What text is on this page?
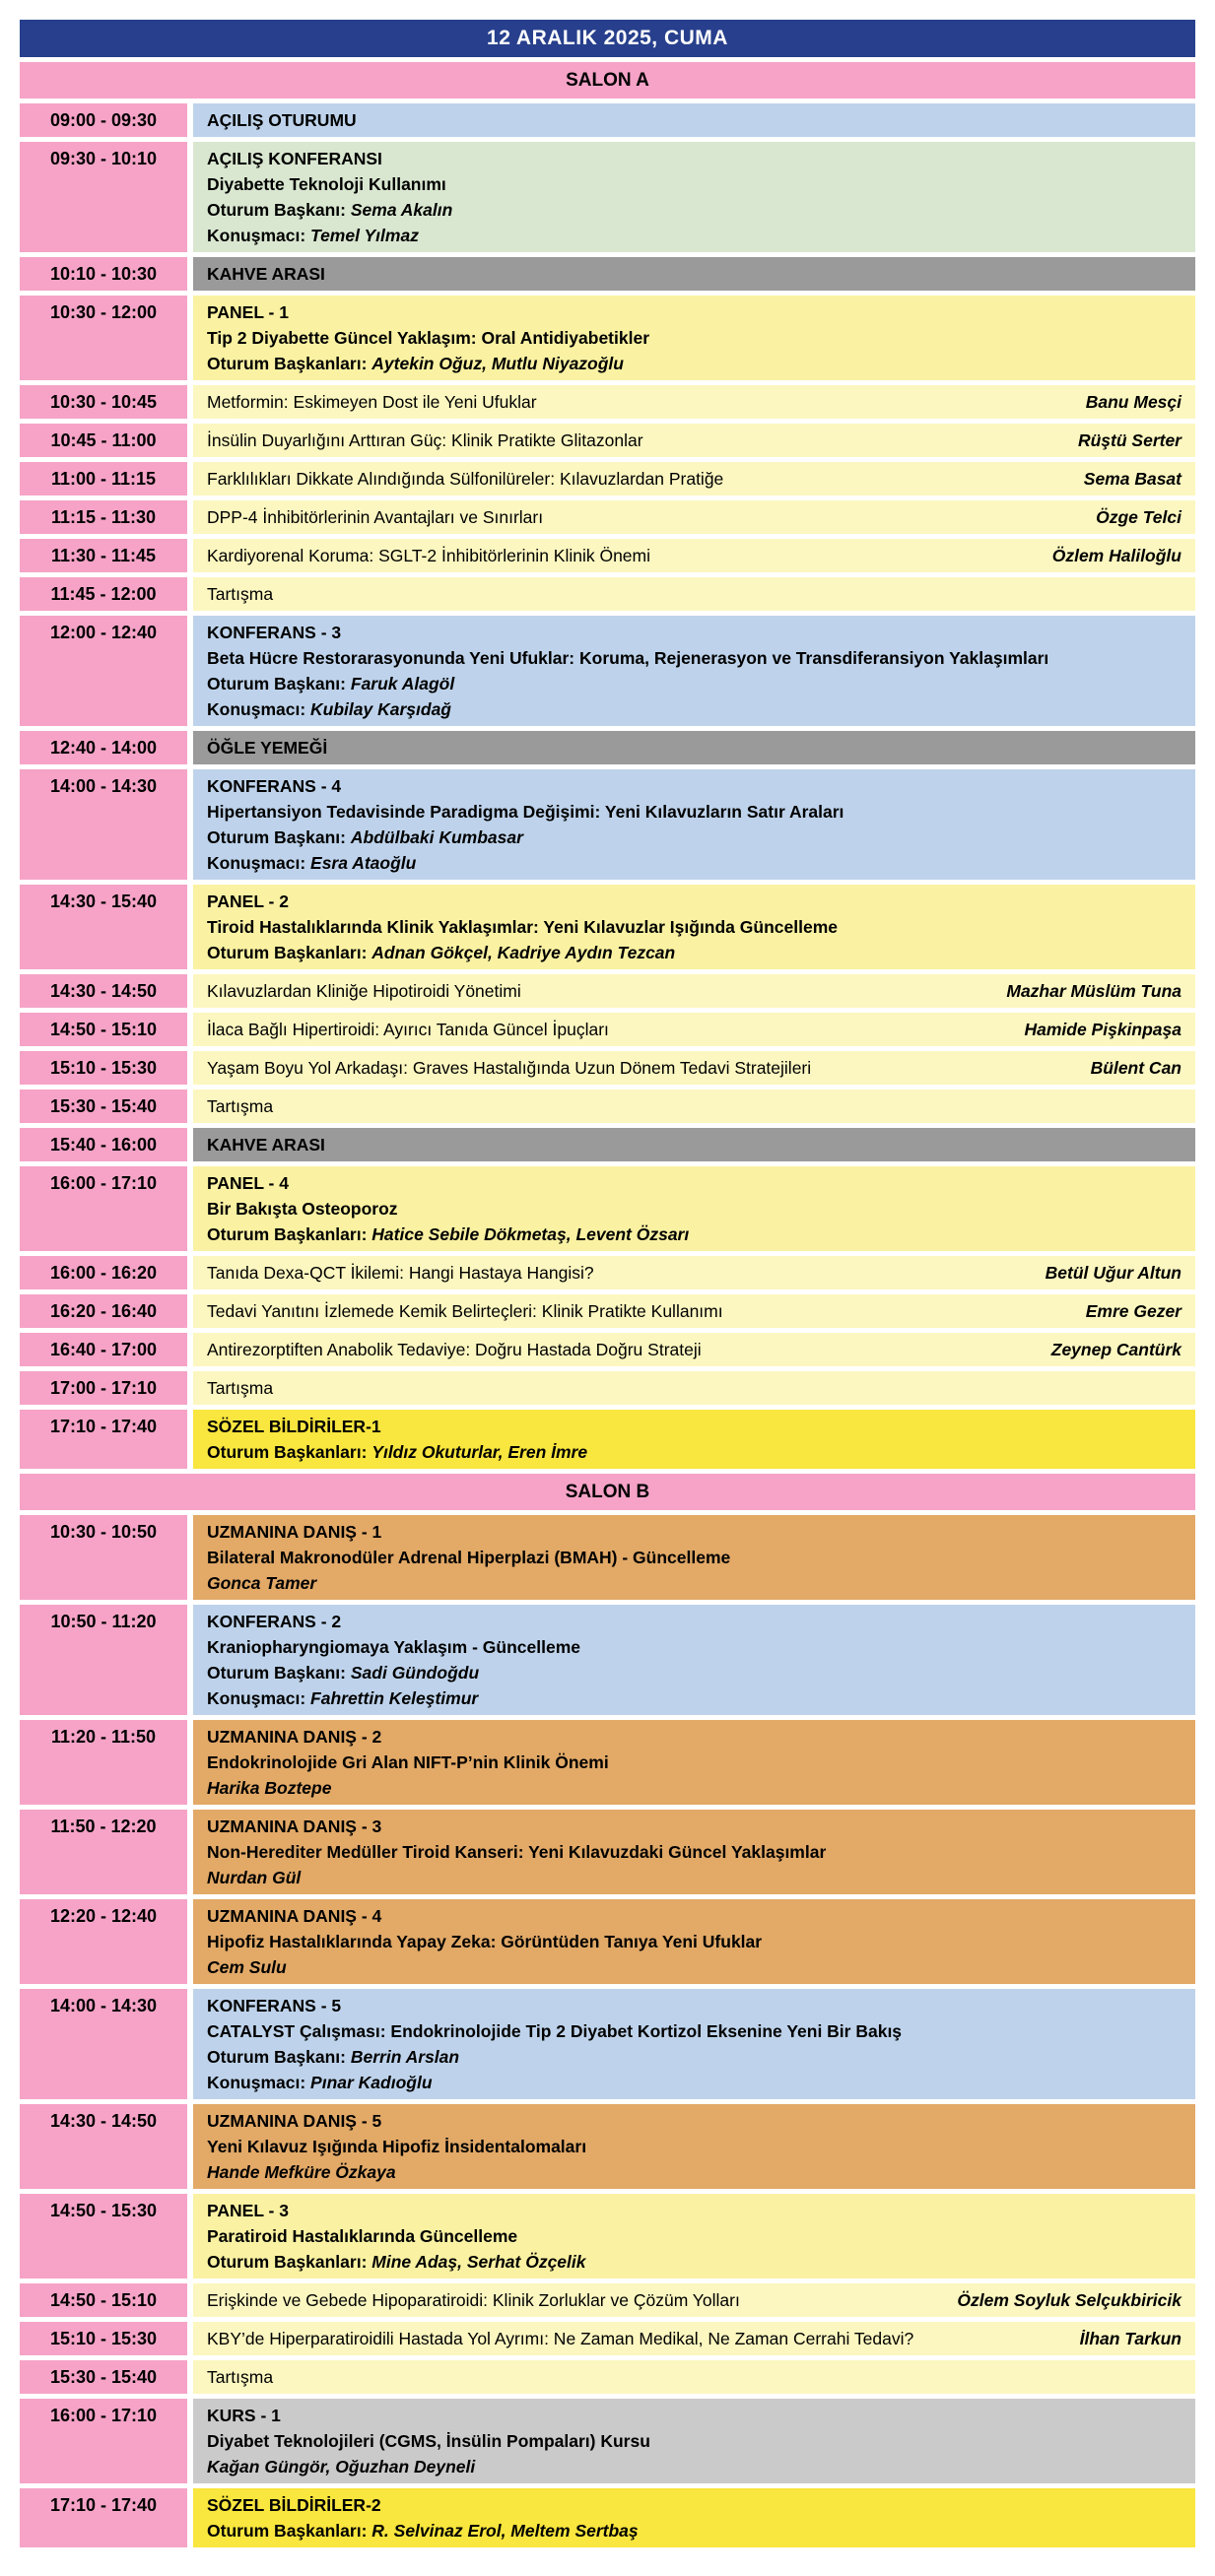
12 ARALIK 2025, CUMA
SALON A
09:00 - 09:30	AÇILIŞ OTURUMU
09:30 - 10:10	AÇILIŞ KONFERANSI
Diyabette Teknoloji Kullanımı
Oturum Başkanı: Sema Akalın
Konuşmacı: Temel Yılmaz
10:10 - 10:30	KAHVE ARASI
10:30 - 12:00	PANEL - 1
Tip 2 Diyabette Güncel Yaklaşım: Oral Antidiyabetikler
Oturum Başkanları: Aytekin Oğuz, Mutlu Niyazoğlu
10:30 - 10:45	Metformin: Eskimeyen Dost ile Yeni Ufuklar	Banu Mesçi
10:45 - 11:00	İnsülin Duyarlığını Arttıran Güç: Klinik Pratikte Glitazonlar	Rüştü Serter
11:00 - 11:15	Farklılıkları Dikkate Alındığında Sülfonilüreler: Kılavuzlardan Pratiğe	Sema Basat
11:15 - 11:30	DPP-4 İnhibitörlerinin Avantajları ve Sınırları	Özge Telci
11:30 - 11:45	Kardiyorenal Koruma: SGLT-2 İnhibitörlerinin Klinik Önemi	Özlem Haliloğlu
11:45 - 12:00	Tartışma
12:00 - 12:40	KONFERANS - 3
Beta Hücre Restorarasyonunda Yeni Ufuklar: Koruma, Rejenerasyon ve Transdiferansiyon Yaklaşımları
Oturum Başkanı: Faruk Alagöl
Konuşmacı: Kubilay Karşıdağ
12:40 - 14:00	ÖĞLE YEMEĞİ
14:00 - 14:30	KONFERANS - 4
Hipertansiyon Tedavisinde Paradigma Değişimi: Yeni Kılavuzların Satır Araları
Oturum Başkanı: Abdülbaki Kumbasar
Konuşmacı: Esra Ataoğlu
14:30 - 15:40	PANEL - 2
Tiroid Hastalıklarında Klinik Yaklaşımlar: Yeni Kılavuzlar Işığında Güncelleme
Oturum Başkanları: Adnan Gökçel, Kadriye Aydın Tezcan
14:30 - 14:50	Kılavuzlardan Kliniğe Hipotiroidi Yönetimi	Mazhar Müslüm Tuna
14:50 - 15:10	İlaca Bağlı Hipertiroidi: Ayırıcı Tanıda Güncel İpuçları	Hamide Pişkinpaşa
15:10 - 15:30	Yaşam Boyu Yol Arkadaşı: Graves Hastalığında Uzun Dönem Tedavi Stratejileri	Bülent Can
15:30 - 15:40	Tartışma
15:40 - 16:00	KAHVE ARASI
16:00 - 17:10	PANEL - 4
Bir Bakışta Osteoporoz
Oturum Başkanları: Hatice Sebile Dökmetaş, Levent Özsarı
16:00 - 16:20	Tanıda Dexa-QCT İkilemi: Hangi Hastaya Hangisi?	Betül Uğur Altun
16:20 - 16:40	Tedavi Yanıtını İzlemede Kemik Belirteçleri: Klinik Pratikte Kullanımı	Emre Gezer
16:40 - 17:00	Antirezorptiften Anabolik Tedaviye: Doğru Hastada Doğru Strateji	Zeynep Cantürk
17:00 - 17:10	Tartışma
17:10 - 17:40	SÖZEL BİLDİRİLER-1
Oturum Başkanları: Yıldız Okuturlar, Eren İmre
SALON B
10:30 - 10:50	UZMANINA DANIŞ - 1
Bilateral Makronodüler Adrenal Hiperplazi (BMAH) - Güncelleme
Gonca Tamer
10:50 - 11:20	KONFERANS - 2
Kraniopharyngiomaya Yaklaşım - Güncelleme
Oturum Başkanı: Sadi Gündoğdu
Konuşmacı: Fahrettin Keleştimur
11:20 - 11:50	UZMANINA DANIŞ - 2
Endokrinolojide Gri Alan NIFT-P’nin Klinik Önemi
Harika Boztepe
11:50 - 12:20	UZMANINA DANIŞ - 3
Non-Herediter Medüller Tiroid Kanseri: Yeni Kılavuzdaki Güncel Yaklaşımlar
Nurdan Gül
12:20 - 12:40	UZMANINA DANIŞ - 4
Hipofiz Hastalıklarında Yapay Zeka: Görüntüden Tanıya Yeni Ufuklar
Cem Sulu
14:00 - 14:30	KONFERANS - 5
CATALYST Çalışması: Endokrinolojide Tip 2 Diyabet Kortizol Eksenine Yeni Bir Bakış
Oturum Başkanı: Berrin Arslan
Konuşmacı: Pınar Kadıoğlu
14:30 - 14:50	UZMANINA DANIŞ - 5
Yeni Kılavuz Işığında Hipofiz İnsidentalomaları
Hande Mefküre Özkaya
14:50 - 15:30	PANEL - 3
Paratiroid Hastalıklarında Güncelleme
Oturum Başkanları: Mine Adaş, Serhat Özçelik
14:50 - 15:10	Erişkinde ve Gebede Hipoparatiroidi: Klinik Zorluklar ve Çözüm Yolları	Özlem Soyluk Selçukbiricik
15:10 - 15:30	KBY’de Hiperparatiroidili Hastada Yol Ayrımı: Ne Zaman Medikal, Ne Zaman Cerrahi Tedavi?	İlhan Tarkun
15:30 - 15:40	Tartışma
16:00 - 17:10	KURS - 1
Diyabet Teknolojileri (CGMS, İnsülin Pompaları) Kursu
Kağan Güngör, Oğuzhan Deyneli
17:10 - 17:40	SÖZEL BİLDİRİLER-2
Oturum Başkanları: R. Selvinaz Erol, Meltem Sertbaş
